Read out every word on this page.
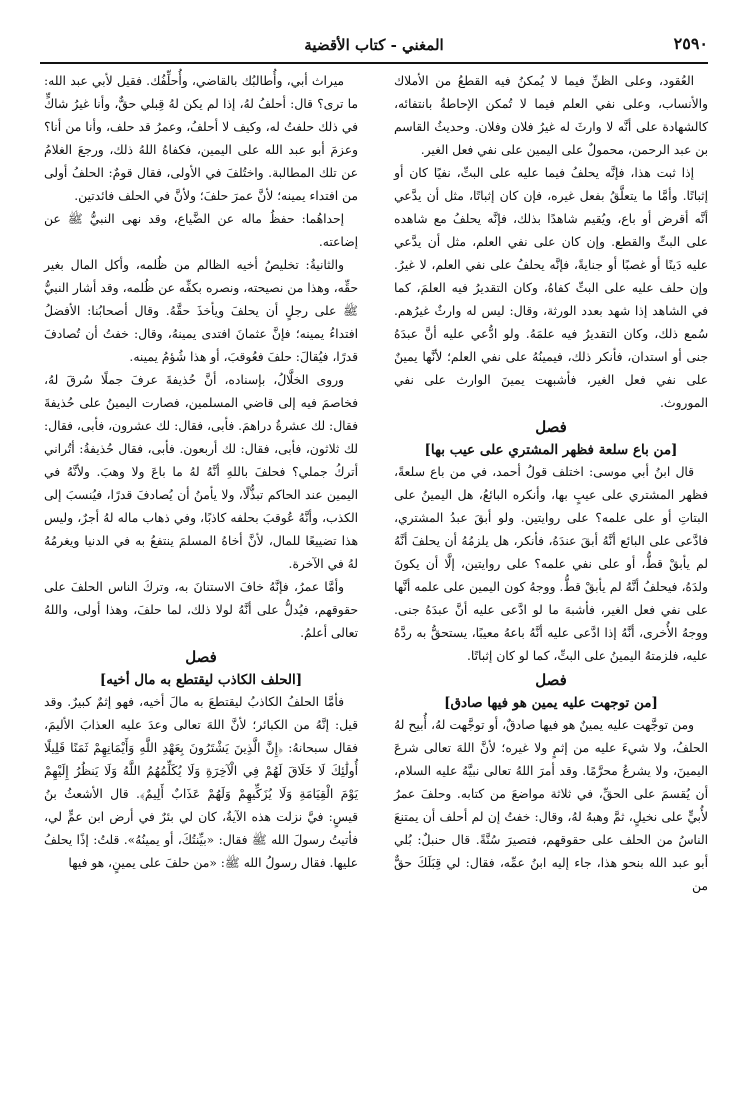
٢٥٩٠
المغني - كتاب الأقضية

العُقود، وعلى الظنِّ فيما لا يُمكنُ فيه القطعُ من الأملاك والأنساب، وعلى نفي العلم فيما لا تُمكن الإحاطةُ بانتفائه، كالشهادة على أنَّه لا وارثَ له غيرُ فلان وفلان. وحديثُ القاسم بن عبد الرحمن، محمولٌ على اليمين على نفي فعل الغير.

إذا ثبت هذا، فإنَّه يحلفُ فيما عليه على البتِّ، نفيًا كان أو إثباتًا. وأمَّا ما يتعلَّقُ بفعل غيره، فإن كان إثباتًا، مثل أن يدَّعي أنَّه أقرض أو باع، ويُقيم شاهدًا بذلك، فإنَّه يحلفُ مع شاهده على البتِّ والقطع. وإن كان على نفي العلم، مثل أن يدَّعي عليه دَينًا أو غصبًا أو جنايةً، فإنَّه يحلفُ على نفي العلم، لا غيرُ. وإن حلف عليه على البتِّ كفاهُ، وكان التقديرُ فيه العلمَ، كما في الشاهد إذا شهد بعدد الورثة، وقال: ليس له وارثٌ غيرُهم. سُمع ذلك، وكان التقديرُ فيه علمَهُ. ولو ادُّعي عليه أنَّ عبدَهُ جنى أو استدان، فأنكر ذلك، فيمينُهُ على نفي العلم؛ لأنَّها يمينٌ على نفي فعل الغير، فأشبهت يمينَ الوارث على نفي الموروث.

فصل

[من باع سلعة فظهر المشتري على عيب بها]

قال ابنُ أبي موسى: اختلف قولُ أحمد، في من باع سلعةً، فظهر المشتري على عيبٍ بها، وأنكره البائعُ، هل اليمينُ على البتاتِ أو على علمه؟ على روايتين. ولو أبقَ عبدُ المشتري، فادَّعى على البائع أنَّهُ أبقَ عندَهُ، فأنكر، هل يلزمُهُ أن يحلفَ أنَّهُ لم يأبقْ قطُّ، أو على نفي علمه؟ على روايتين، إلَّا أن يكونَ ولدَهُ، فيحلفُ أنَّهُ لم يأبقْ قطُّ. ووجهُ كون اليمين على علمه أنَّها على نفي فعل الغير، فأشبهَ ما لو ادَّعى عليه أنَّ عبدَهُ جنى. ووجهُ الأُخرى، أنَّهُ إذا ادَّعى عليه أنَّهُ باعهُ معيبًا، يستحقُّ به ردَّهُ عليه، فلزمتهُ اليمينُ على البتِّ، كما لو كان إثباتًا.

فصل

[من توجهت عليه يمين هو فيها صادق]

ومن توجَّهت عليه يمينٌ هو فيها صادقٌ، أو توجَّهت لهُ، أُبيح لهُ الحلفُ، ولا شيءَ عليه من إثمٍ ولا غيره؛ لأنَّ اللهَ تعالى شرعَ اليمينَ، ولا يشرعُ محرَّمًا. وقد أمرَ اللهُ تعالى نبيَّهُ عليه السلام، أن يُقسمَ على الحقِّ، في ثلاثة مواضعَ من كتابه. وحلفَ عمرُ لأُبيٍّ على نخيلٍ، ثمَّ وهبهُ لهُ، وقال: خفتُ إن لم أحلف أن يمتنعَ الناسُ من الحلف على حقوقهم، فتصيرَ سُنَّةً. قال حنبلٌ: بُلي أبو عبد الله بنحو هذا، جاء إليه ابنُ عمِّه، فقال: لي قِبَلَكَ حقٌّ من

ميراث أبي، وأُطالبُك بالقاضي، وأُحلِّفُك. فقيل لأبي عبد الله: ما ترى؟ قال: أحلفُ لهُ، إذا لم يكن لهُ قِبلي حقٌّ، وأنا غيرُ شاكٍّ في ذلك حلفتُ له، وكيف لا أحلفُ، وعمرُ قد حلف، وأنا من أنا؟ وعزمَ أبو عبد الله على اليمين، فكفاهُ اللهُ ذلك، ورجعَ الغلامُ عن تلك المطالبة. واختُلفَ في الأولى، فقال قومٌ: الحلفُ أولى من افتداء يمينه؛ لأنَّ عمرَ حلفَ؛ ولأنَّ في الحلف فائدتين.

إحداهُما: حفظُ ماله عن الضَّياع، وقد نهى النبيُّ ﷺ عن إضاعته.

والثانيةُ: تخليصُ أخيه الظالم من ظُلمه، وأكل المال بغير حقِّه، وهذا من نصيحته، ونصره بكفِّه عن ظُلمه، وقد أشار النبيُّ ﷺ على رجلٍ أن يحلفَ ويأخذَ حقَّهُ. وقال أصحابُنا: الأفضلُ افتداءُ يمينه؛ فإنَّ عثمانَ افتدى يمينهُ، وقال: خفتُ أن تُصادفَ قدرًا، فيُقالَ: حلفَ فعُوقبَ، أو هذا شُؤمُ يمينه.

وروى الخلَّالُ، بإسناده، أنَّ حُذيفةَ عرفَ جملًا سُرقَ لهُ، فخاصمَ فيه إلى قاضي المسلمين، فصارت اليمينُ على حُذيفةَ فقال: لك عشرةُ دراهمَ. فأبى، فقال: لك عشرون، فأبى، فقال: لك ثلاثون، فأبى، فقال: لك أربعون. فأبى، فقال حُذيفةُ: أتُراني أتركُ جملي؟ فحلفَ باللهِ أنَّهُ لهُ ما باعَ ولا وهبَ. ولأنَّهُ في اليمين عند الحاكم تبذُّلًا، ولا يأمنُ أن يُصادفَ قدرًا، فيُنسبَ إلى الكذب، وأنَّهُ عُوقبَ بحلفه كاذبًا، وفي ذهاب ماله لهُ أجرٌ، وليس هذا تضييعًا للمال، لأنَّ أخاهُ المسلمَ ينتفعُ به في الدنيا ويغرمُهُ لهُ في الآخرة.

وأمَّا عمرُ، فإنَّهُ خافَ الاستنانَ به، وتركَ الناس الحلفَ على حقوقهم، فيُدلُّ على أنَّهُ لولا ذلك، لما حلفَ، وهذا أولى، واللهُ تعالى أعلمُ.

فصل

[الحلف الكاذب ليقتطع به مال أخيه]

فأمَّا الحلفُ الكاذبُ ليقتطعَ به مالَ أخيه، فهو إثمٌ كبيرٌ. وقد قيل: إنَّهُ من الكبائر؛ لأنَّ اللهَ تعالى وعدَ عليه العذابَ الأليمَ، فقال سبحانهُ: ﴿إِنَّ الَّذِينَ يَشْتَرُونَ بِعَهْدِ اللَّهِ وَأَيْمَانِهِمْ ثَمَنًا قَلِيلًا أُولَٰئِكَ لَا خَلَاقَ لَهُمْ فِي الْآخِرَةِ وَلَا يُكَلِّمُهُمُ اللَّهُ وَلَا يَنظُرُ إِلَيْهِمْ يَوْمَ الْقِيَامَةِ وَلَا يُزَكِّيهِمْ وَلَهُمْ عَذَابٌ أَلِيمٌ﴾. قال الأشعثُ بنُ قيسٍ: فيَّ نزلت هذه الآيةُ، كان لي بئرٌ في أرض ابن عمٍّ لي، فأتيتُ رسولَ الله ﷺ فقال: «بيِّنتُكَ، أو يمينُهُ». قلتُ: إذًا يحلفُ عليها. فقال رسولُ الله ﷺ: «من حلفَ على يمينٍ، هو فيها
